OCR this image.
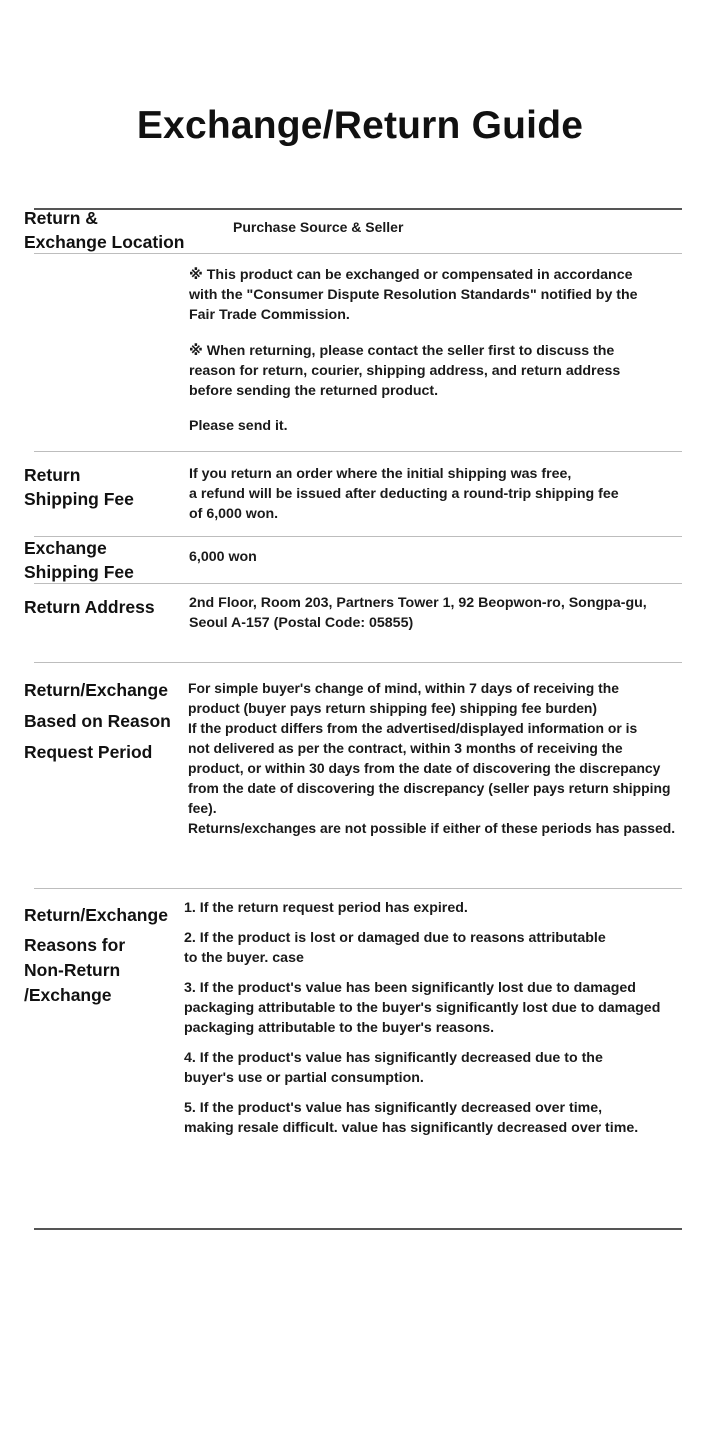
Exchange/Return Guide

Return &

Exchange Location

Purchase Source & Seller

※ This product can be exchanged or compensated in accordance

with the "Consumer Dispute Resolution Standards" notified by the

Fair Trade Commission.

※ When returning, please contact the seller first to discuss the

reason for return, courier, shipping address, and return address

before sending the returned product.

Please send it.

Return

Shipping Fee

If you return an order where the initial shipping was free,

a refund will be issued after deducting a round-trip shipping fee

of 6,000 won.

Exchange

Shipping Fee

6,000 won
Return Address 2nd Floor, Room 203, Partners Tower 1, 92 Beopwon-ro, Songpa-gu,

Seoul A-157 (Postal Code: 05855)

Return/Exchange

Based on Reason

Request Period

For simple buyer's change of mind, within 7 days of receiving the

product (buyer pays return shipping fee) shipping fee burden)

If the product differs from the advertised/displayed information or is

not delivered as per the contract, within 3 months of receiving the

product, or within 30 days from the date of discovering the discrepancy

from the date of discovering the discrepancy (seller pays return shipping

fee).

Returns/exchanges are not possible if either of these periods has passed.

Return/Exchange

Reasons for

Non-Return

/Exchange

1. If the return request period has expired.

2. If the product is lost or damaged due to reasons attributable

to the buyer. case

3. If the product's value has been significantly lost due to damaged

packaging attributable to the buyer's significantly lost due to damaged

packaging attributable to the buyer's reasons.

4. If the product's value has significantly decreased due to the

buyer's use or partial consumption.

5. If the product's value has significantly decreased over time,

making resale difficult. value has significantly decreased over time.
